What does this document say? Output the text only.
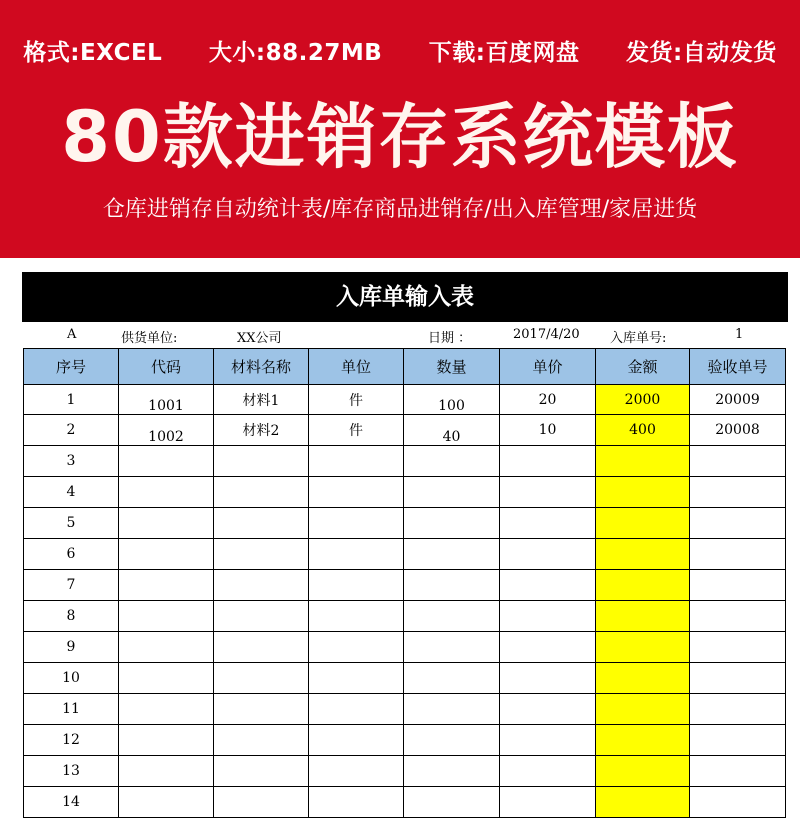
格式:EXCEL 大小:88.27MB 下载:百度网盘 发货:自动发货
80款进销存系统模板
仓库进销存自动统计表/库存商品进销存/出入库管理/家居进货
入库单输入表
A	供货单位:	XX公司	日期 ：	2017/4/20 入库单号:	1
序号	代码	材料名称	单位	数量	单价	金额	验收单号
1	1001	材料1	件	100	20	2000	20009
2	1002	材料2	件	40	10	400	20008
3							
4							
5							
6							
7							
8							
9							
10							
11							
12							
13							
14							
